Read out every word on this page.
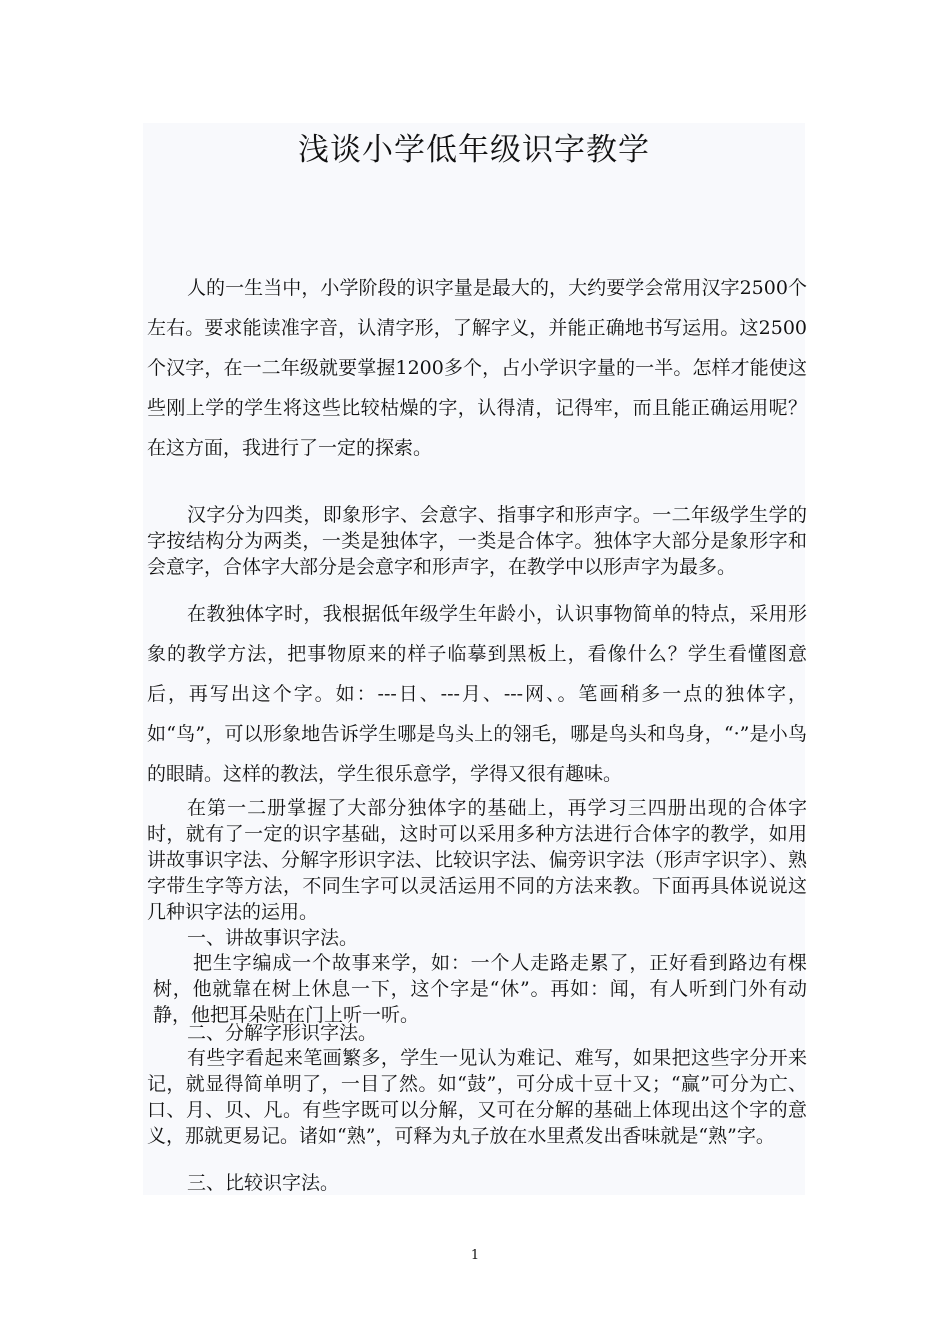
浅谈小学低年级识字教学

人的一生当中，小学阶段的识字量是最大的，大约要学会常用汉字2500个左右。要求能读准字音，认清字形，了解字义，并能正确地书写运用。这2500个汉字，在一二年级就要掌握1200多个，占小学识字量的一半。怎样才能使这些刚上学的学生将这些比较枯燥的字，认得清，记得牢，而且能正确运用呢？在这方面，我进行了一定的探索。

汉字分为四类，即象形字、会意字、指事字和形声字。一二年级学生学的字按结构分为两类，一类是独体字，一类是合体字。独体字大部分是象形字和会意字，合体字大部分是会意字和形声字，在教学中以形声字为最多。

在教独体字时，我根据低年级学生年龄小，认识事物简单的特点，采用形象的教学方法，把事物原来的样子临摹到黑板上，看像什么？学生看懂图意后，再写出这个字。如：---日、---月、---网、。笔画稍多一点的独体字，如“鸟”，可以形象地告诉学生哪是鸟头上的翎毛，哪是鸟头和鸟身，“·”是小鸟的眼睛。这样的教法，学生很乐意学，学得又很有趣味。

在第一二册掌握了大部分独体字的基础上，再学习三四册出现的合体字时，就有了一定的识字基础，这时可以采用多种方法进行合体字的教学，如用讲故事识字法、分解字形识字法、比较识字法、偏旁识字法（形声字识字）、熟字带生字等方法，不同生字可以灵活运用不同的方法来教。下面再具体说说这几种识字法的运用。

一、讲故事识字法。

把生字编成一个故事来学，如：一个人走路走累了，正好看到路边有棵树，他就靠在树上休息一下，这个字是“休”。再如：闻，有人听到门外有动静，他把耳朵贴在门上听一听。

二、分解字形识字法。

有些字看起来笔画繁多，学生一见认为难记、难写，如果把这些字分开来记，就显得简单明了，一目了然。如“鼓”，可分成十豆十又；“赢”可分为亡、口、月、贝、凡。有些字既可以分解，又可在分解的基础上体现出这个字的意义，那就更易记。诸如“熟”，可释为丸子放在水里煮发出香味就是“熟”字。

三、比较识字法。

1
